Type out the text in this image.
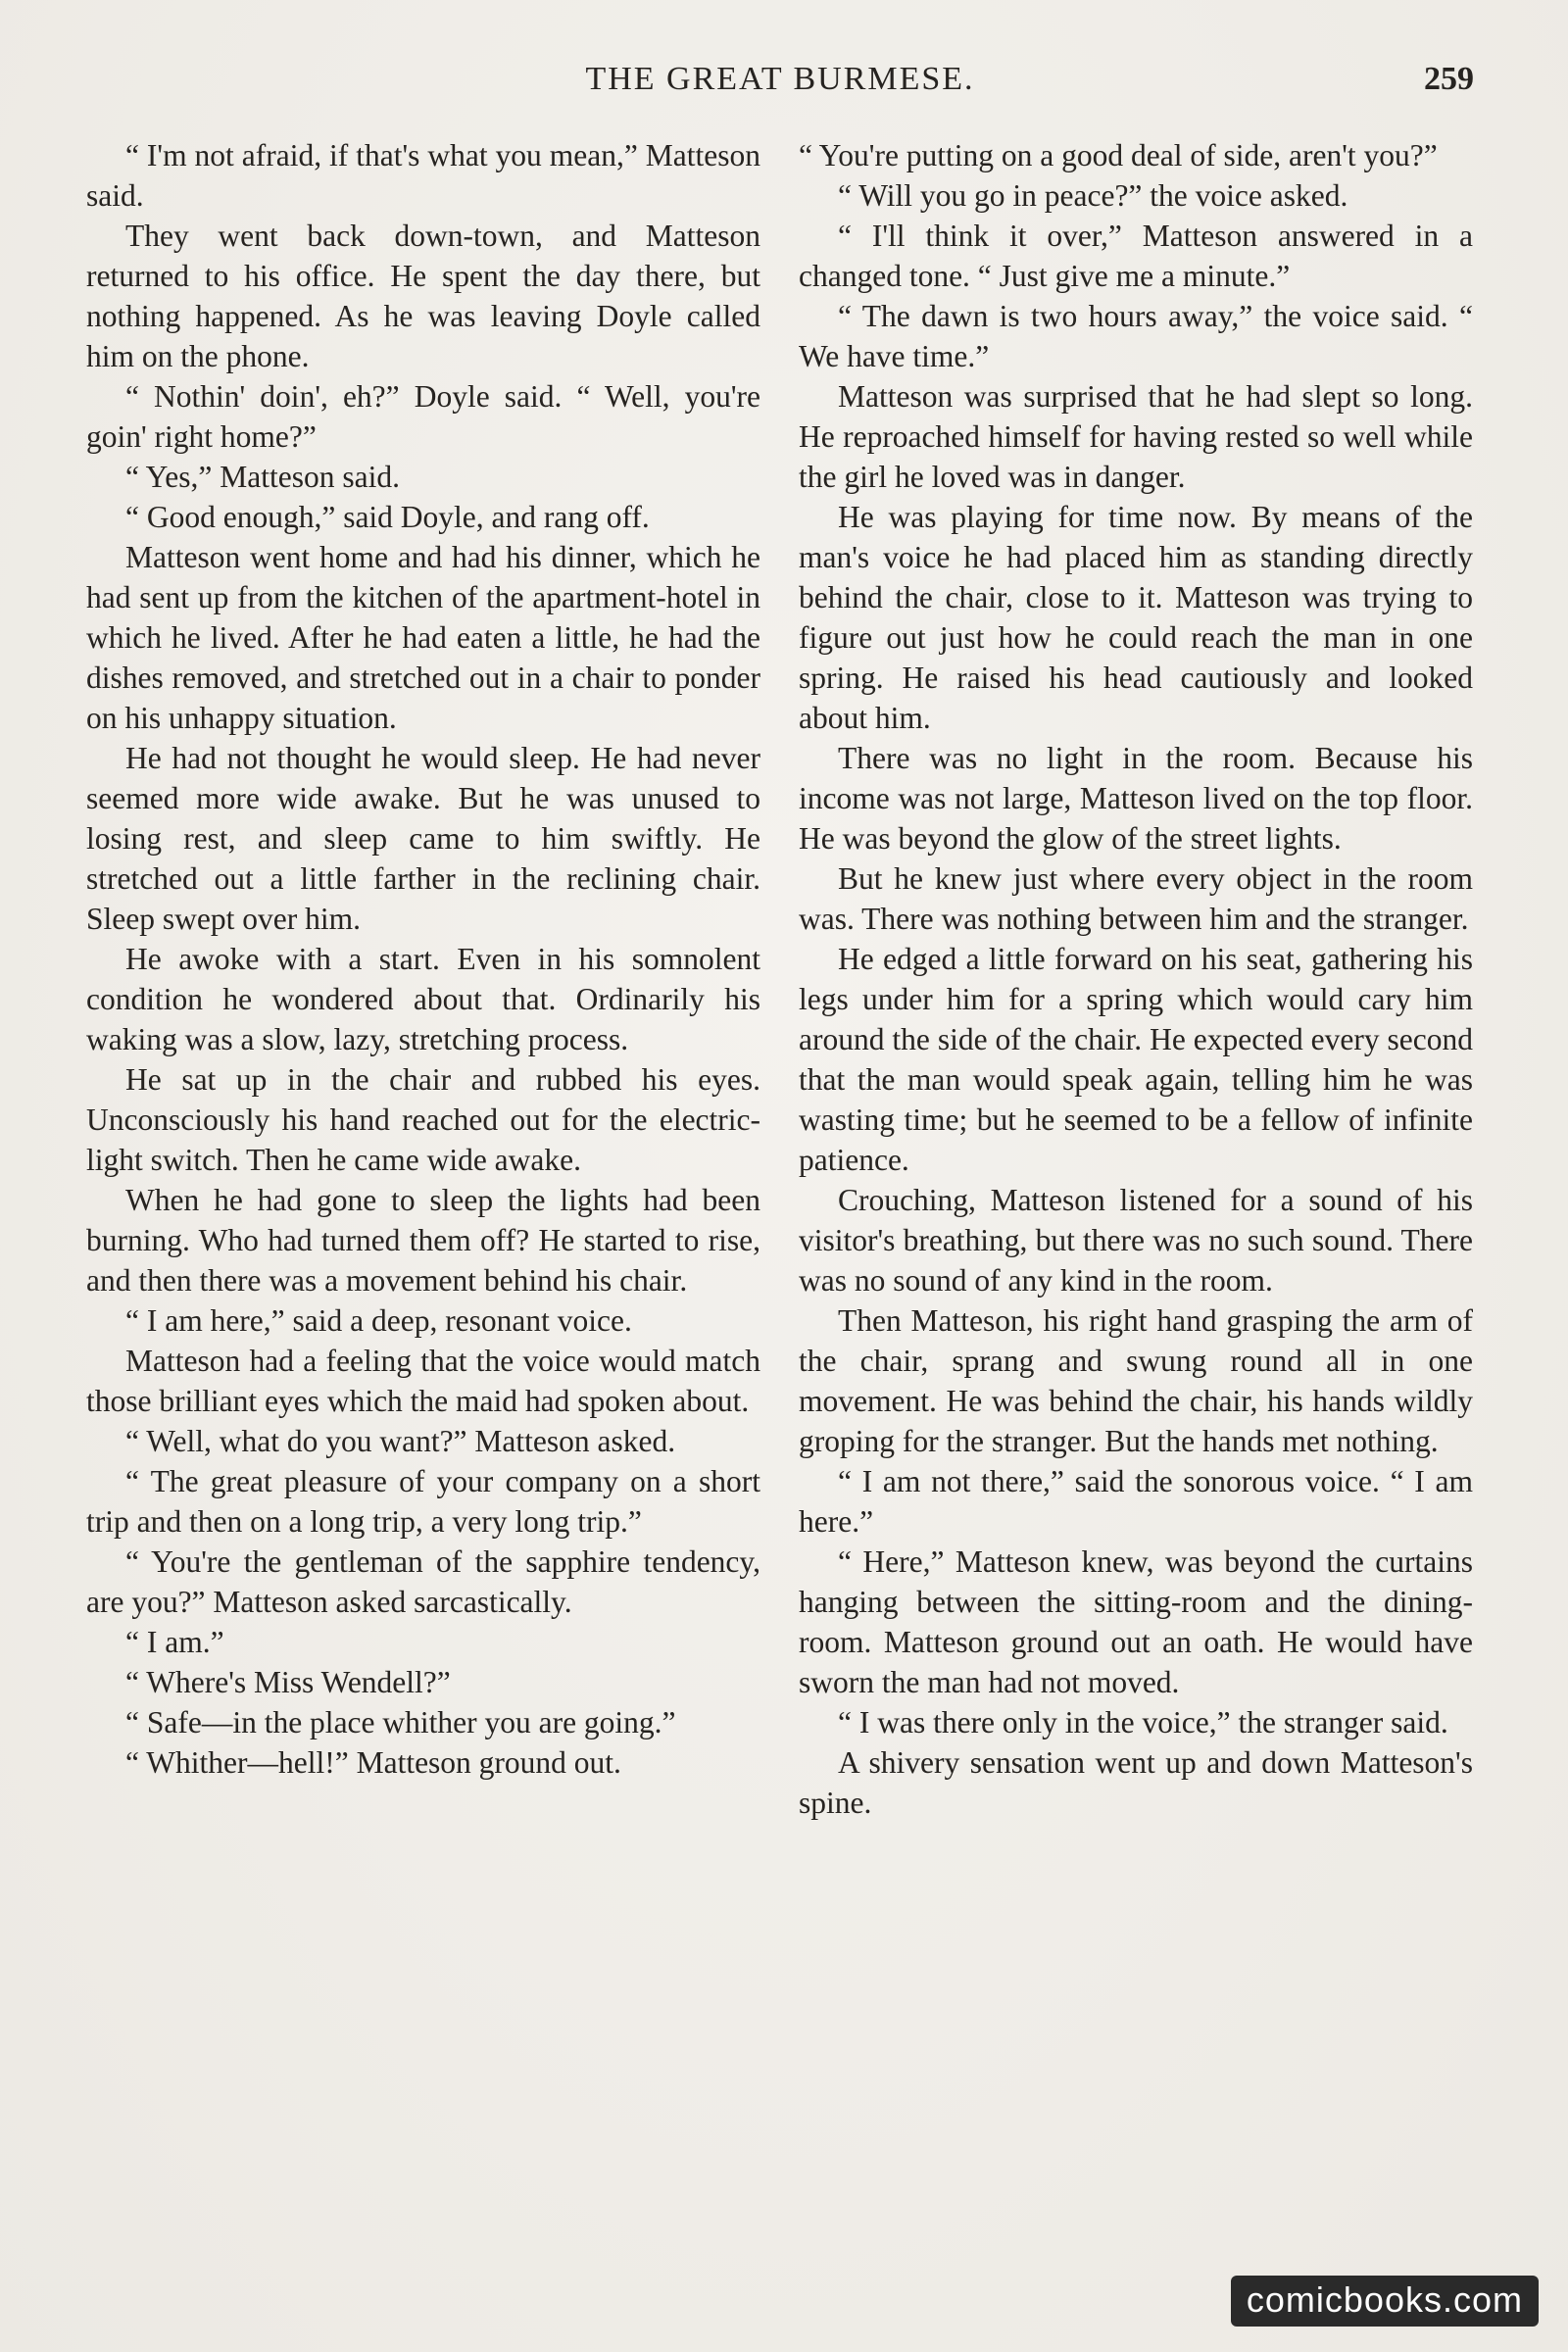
THE GREAT BURMESE.	259

“ I'm not afraid, if that's what you mean,” Matteson said.

They went back down-town, and Matteson returned to his office. He spent the day there, but nothing happened. As he was leaving Doyle called him on the phone.

“ Nothin' doin', eh?” Doyle said. “ Well, you're goin' right home?”

“ Yes,” Matteson said.

“ Good enough,” said Doyle, and rang off.

Matteson went home and had his dinner, which he had sent up from the kitchen of the apartment-hotel in which he lived. After he had eaten a little, he had the dishes removed, and stretched out in a chair to ponder on his unhappy situation.

He had not thought he would sleep. He had never seemed more wide awake. But he was unused to losing rest, and sleep came to him swiftly. He stretched out a little farther in the reclining chair. Sleep swept over him.

He awoke with a start. Even in his somnolent condition he wondered about that. Ordinarily his waking was a slow, lazy, stretching process.

He sat up in the chair and rubbed his eyes. Unconsciously his hand reached out for the electric-light switch. Then he came wide awake.

When he had gone to sleep the lights had been burning. Who had turned them off? He started to rise, and then there was a movement behind his chair.

“ I am here,” said a deep, resonant voice.

Matteson had a feeling that the voice would match those brilliant eyes which the maid had spoken about.

“ Well, what do you want?” Matteson asked.

“ The great pleasure of your company on a short trip and then on a long trip, a very long trip.”

“ You're the gentleman of the sapphire tendency, are you?” Matteson asked sarcastically.

“ I am.”

“ Where's Miss Wendell?”

“ Safe—in the place whither you are going.”

“ Whither—hell!” Matteson ground out.

“ You're putting on a good deal of side, aren't you?”

“ Will you go in peace?” the voice asked.

“ I'll think it over,” Matteson answered in a changed tone. “ Just give me a minute.”

“ The dawn is two hours away,” the voice said. “ We have time.”

Matteson was surprised that he had slept so long. He reproached himself for having rested so well while the girl he loved was in danger.

He was playing for time now. By means of the man's voice he had placed him as standing directly behind the chair, close to it. Matteson was trying to figure out just how he could reach the man in one spring. He raised his head cautiously and looked about him.

There was no light in the room. Because his income was not large, Matteson lived on the top floor. He was beyond the glow of the street lights.

But he knew just where every object in the room was. There was nothing between him and the stranger.

He edged a little forward on his seat, gathering his legs under him for a spring which would cary him around the side of the chair. He expected every second that the man would speak again, telling him he was wasting time; but he seemed to be a fellow of infinite patience.

Crouching, Matteson listened for a sound of his visitor's breathing, but there was no such sound. There was no sound of any kind in the room.

Then Matteson, his right hand grasping the arm of the chair, sprang and swung round all in one movement. He was behind the chair, his hands wildly groping for the stranger. But the hands met nothing.

“ I am not there,” said the sonorous voice. “ I am here.”

“ Here,” Matteson knew, was beyond the curtains hanging between the sitting-room and the dining-room. Matteson ground out an oath. He would have sworn the man had not moved.

“ I was there only in the voice,” the stranger said.

A shivery sensation went up and down Matteson's spine.

comicbooks.com
